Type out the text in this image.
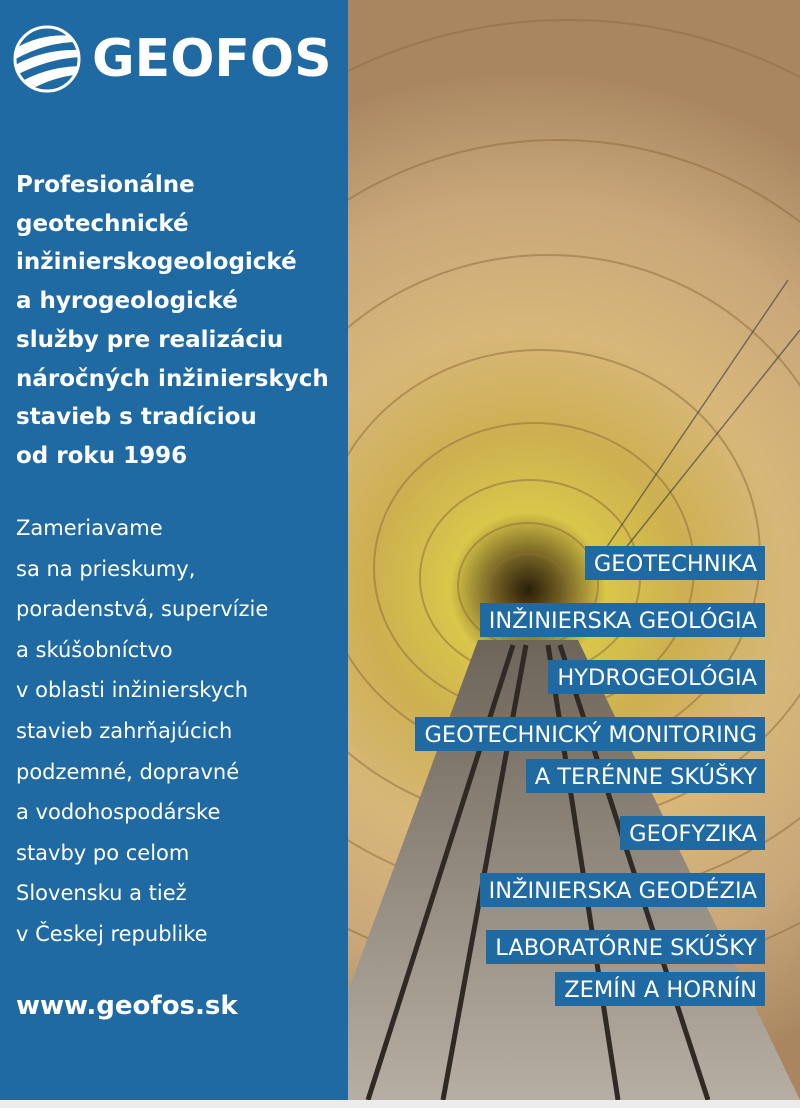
GEOFOS
Profesionálne
geotechnické
inžinierskogeologické
a hyrogeologické
služby pre realizáciu
náročných inžinierskych
stavieb s tradíciou
od roku 1996
Zameriavame
sa na prieskumy,
poradenstvá, supervízie
a skúšobníctvo
v oblasti inžinierskych
stavieb zahrňajúcich
podzemné, dopravné
a vodohospodárske
stavby po celom
Slovensku a tiež
v Českej republike
www.geofos.sk
GEOTECHNIKA
INŽINIERSKA GEOLÓGIA
HYDROGEOLÓGIA
GEOTECHNICKÝ MONITORING
A TERÉNNE SKÚŠKY
GEOFYZIKA
INŽINIERSKA GEODÉZIA
LABORATÓRNE SKÚŠKY
ZEMÍN A HORNÍN
